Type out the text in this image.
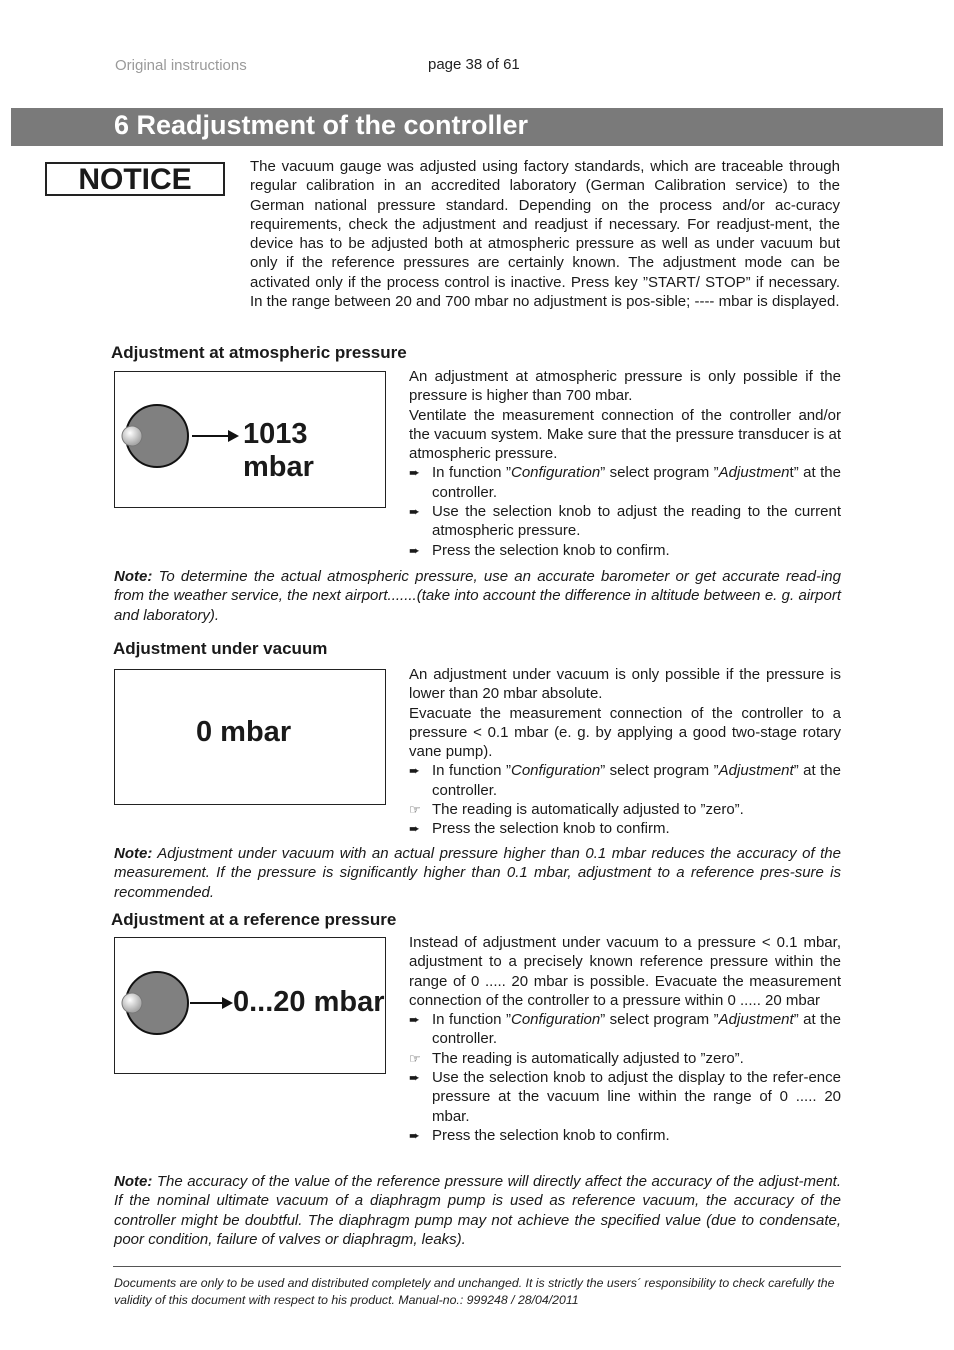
Original instructions	page 38 of 61
6 Readjustment of the controller
NOTICE	The vacuum gauge was adjusted using factory standards, which are traceable through regular calibration in an accredited laboratory (German Calibration service) to the German national pressure standard. Depending on the process and/or ac-curacy requirements, check the adjustment and readjust if necessary. For readjust-ment, the device has to be adjusted both at atmospheric pressure as well as under vacuum but only if the reference pressures are certainly known. The adjustment mode can be activated only if the process control is inactive. Press key ”START/ STOP” if necessary. In the range between 20 and 700 mbar no adjustment is pos-sible; ---- mbar is displayed.
Adjustment at atmospheric pressure
1013 mbar
An adjustment at atmospheric pressure is only possible if the pressure is higher than 700 mbar.
Ventilate the measurement connection of the controller and/or the vacuum system. Make sure that the pressure transducer is at atmospheric pressure.
➨ In function ”Configuration” select program ”Adjustment” at the controller.
➨ Use the selection knob to adjust the reading to the current atmospheric pressure.
➨ Press the selection knob to confirm.
Note: To determine the actual atmospheric pressure, use an accurate barometer or get accurate read-ing from the weather service, the next airport.......(take into account the difference in altitude between e. g. airport and laboratory).
Adjustment under vacuum
0 mbar
An adjustment under vacuum is only possible if the pressure is lower than 20 mbar absolute.
Evacuate the measurement connection of the controller to a pressure < 0.1 mbar (e. g. by applying a good two-stage rotary vane pump).
➨ In function ”Configuration” select program ”Adjustment” at the controller.
☞ The reading is automatically adjusted to ”zero”.
➨ Press the selection knob to confirm.
Note: Adjustment under vacuum with an actual pressure higher than 0.1 mbar reduces the accuracy of the measurement. If the pressure is significantly higher than 0.1 mbar, adjustment to a reference pres-sure is recommended.
Adjustment at a reference pressure
0...20 mbar
Instead of adjustment under vacuum to a pressure < 0.1 mbar, adjustment to a precisely known reference pressure within the range of 0 ..... 20 mbar is possible. Evacuate the measurement connection of the controller to a pressure within 0 ..... 20 mbar
➨ In function ”Configuration” select program ”Adjustment” at the controller.
☞ The reading is automatically adjusted to ”zero”.
➨ Use the selection knob to adjust the display to the refer-ence pressure at the vacuum line within the range of 0 ..... 20 mbar.
➨ Press the selection knob to confirm.
Note: The accuracy of the value of the reference pressure will directly affect the accuracy of the adjust-ment. If the nominal ultimate vacuum of a diaphragm pump is used as reference vacuum, the accuracy of the controller might be doubtful. The diaphragm pump may not achieve the specified value (due to condensate, poor condition, failure of valves or diaphragm, leaks).
Documents are only to be used and distributed completely and unchanged. It is strictly the users´ responsibility to check carefully the validity of this document with respect to his product. Manual-no.: 999248 / 28/04/2011
